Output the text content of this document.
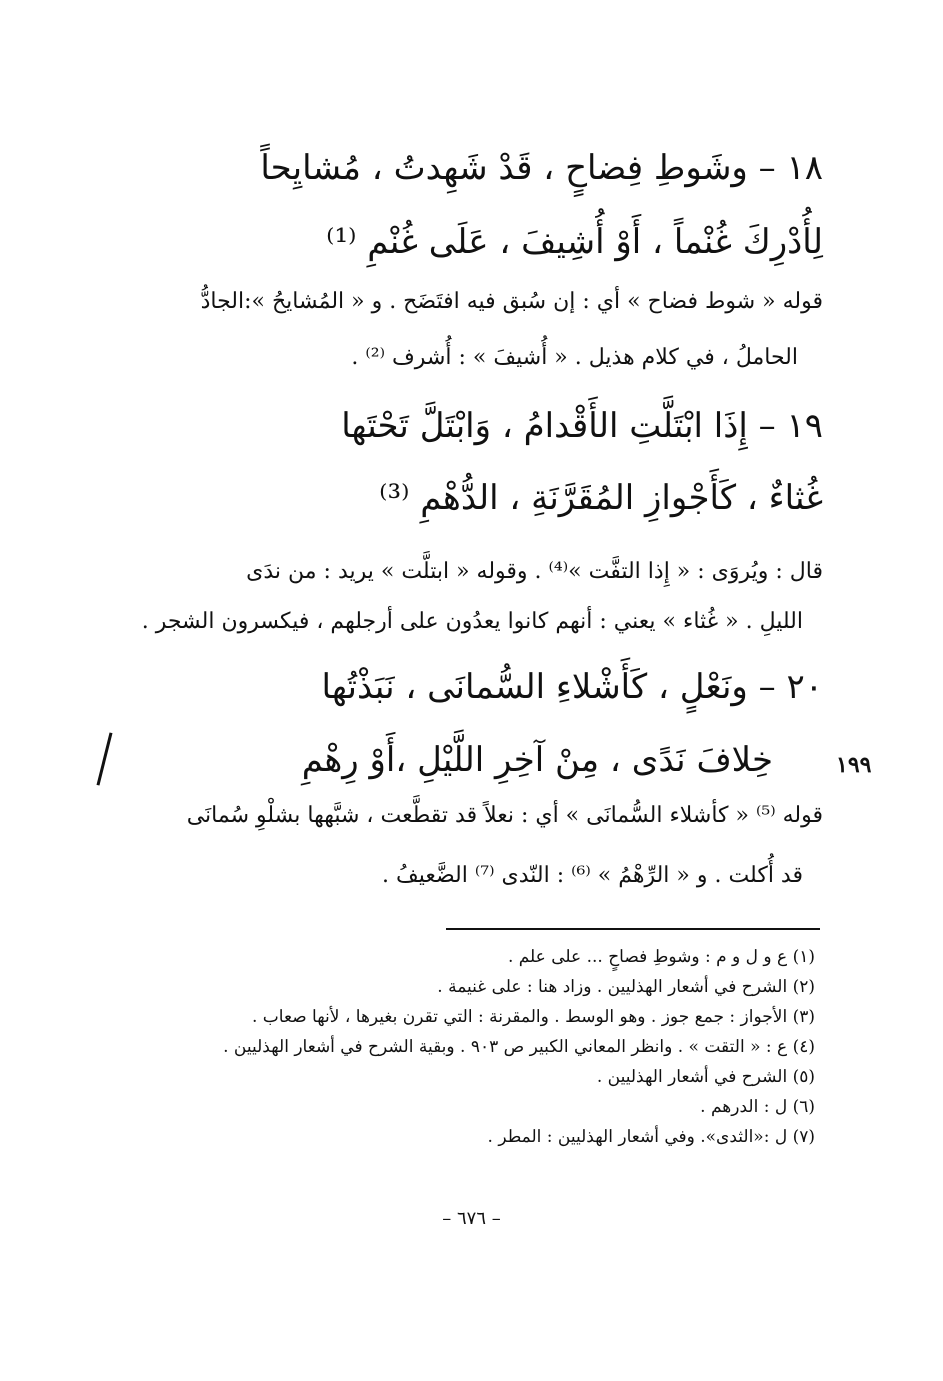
١٨ – وشَوطِ فِضاحٍ ، قَدْ شَهِدتُ ، مُشايِحاً

لِأُدْرِكَ غُنْماً ، أَوْ أُشِيفَ ، عَلَى غُنْمِ ⁽¹⁾

قوله « شوط فضاح » أي : إن سُبق فيه افتَضَح . و « المُشايحُ »:الجادُّ

الحاملُ ، في كلام هذيل . « أُشيفَ » : أُشرف ⁽²⁾ .

١٩ – إِذَا ابْتَلَّتِ الأَقْدامُ ، وَابْتَلَّ تَحْتَها

غُثاءٌ ، كَأَجْوازِ المُقَرَّنَةِ ، الدُّهْمِ ⁽³⁾

قال : ويُروَى : « إِذا التفَّت »⁽⁴⁾ . وقوله « ابتلَّت » يريد : من ندَى

الليلِ . « غُثاء » يعني : أنهم كانوا يعدُون على أرجلهم ، فيكسرون الشجر .

٢٠ – ونَعْلٍ ، كَأَشْلاءِ السُّمانَى ، نَبَذْتُها

خِلافَ نَدًى ، مِنْ آخِرِ اللَّيْلِ ،أَوْ رِهْمِ	١٩٩

قوله ⁽⁵⁾ « كأشلاء السُّمانَى » أي : نعلاً قد تقطَّعت ، شبَّهها بشلْوِ سُمانَى

قد أُكلت . و « الرِّهْمُ » ⁽⁶⁾ : النّدى ⁽⁷⁾ الضَّعيفُ .

(١) ع و ل و م : وشوطِ فصاحٍ ... على علم .
(٢) الشرح في أشعار الهذليين . وزاد هنا : على غنيمة .
(٣) الأجواز : جمع جوز . وهو الوسط . والمقرنة : التي تقرن بغيرها ، لأنها صعاب .
(٤) ع : « التقت » . وانظر المعاني الكبير ص ٩٠٣ . وبقية الشرح في أشعار الهذليين .
(٥) الشرح في أشعار الهذليين .
(٦) ل : الدرهم .
(٧) ل :«الثدى». وفي أشعار الهذليين : المطر .
– ٦٧٦ –
